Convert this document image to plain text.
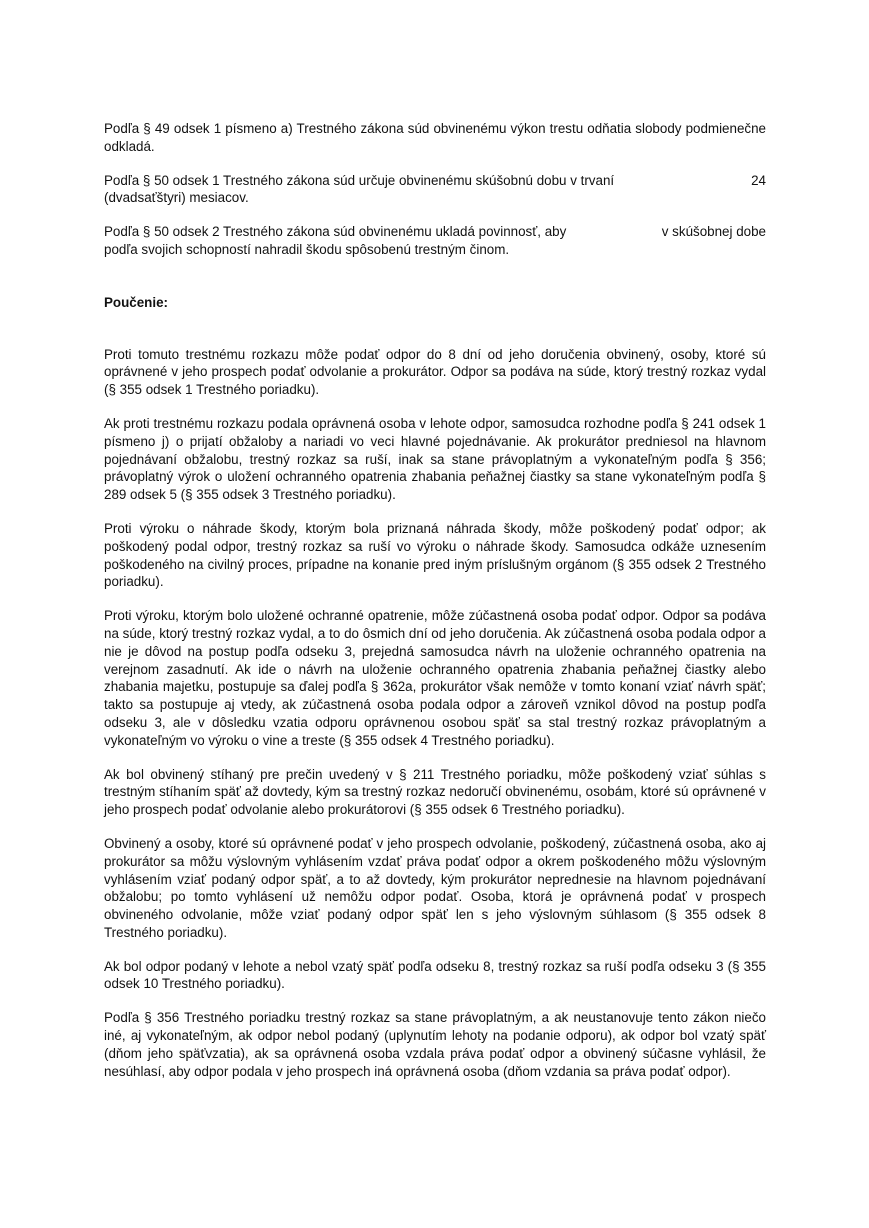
Podľa § 49 odsek 1 písmeno a) Trestného zákona súd obvinenému výkon trestu odňatia slobody podmienečne odkladá.

Podľa § 50 odsek 1 Trestného zákona súd určuje obvinenému skúšobnú dobu v trvaní	24
(dvadsaťštyri) mesiacov.
Podľa § 50 odsek 2 Trestného zákona súd obvinenému ukladá povinnosť, aby	v skúšobnej dobe
podľa svojich schopností nahradil škodu spôsobenú trestným činom.

Poučenie:

Proti tomuto trestnému rozkazu môže podať odpor do 8 dní od jeho doručenia obvinený, osoby, ktoré sú oprávnené v jeho prospech podať odvolanie a prokurátor. Odpor sa podáva na súde, ktorý trestný rozkaz vydal (§ 355 odsek 1 Trestného poriadku).

Ak proti trestnému rozkazu podala oprávnená osoba v lehote odpor, samosudca rozhodne podľa § 241 odsek 1 písmeno j) o prijatí obžaloby a nariadi vo veci hlavné pojednávanie. Ak prokurátor predniesol na hlavnom pojednávaní obžalobu, trestný rozkaz sa ruší, inak sa stane právoplatným a vykonateľným podľa § 356; právoplatný výrok o uložení ochranného opatrenia zhabania peňažnej čiastky sa stane vykonateľným podľa § 289 odsek 5 (§ 355 odsek 3 Trestného poriadku).

Proti výroku o náhrade škody, ktorým bola priznaná náhrada škody, môže poškodený podať odpor; ak poškodený podal odpor, trestný rozkaz sa ruší vo výroku o náhrade škody. Samosudca odkáže uznesením poškodeného na civilný proces, prípadne na konanie pred iným príslušným orgánom (§ 355 odsek 2 Trestného poriadku).

Proti výroku, ktorým bolo uložené ochranné opatrenie, môže zúčastnená osoba podať odpor. Odpor sa podáva na súde, ktorý trestný rozkaz vydal, a to do ôsmich dní od jeho doručenia. Ak zúčastnená osoba podala odpor a nie je dôvod na postup podľa odseku 3, prejedná samosudca návrh na uloženie ochranného opatrenia na verejnom zasadnutí. Ak ide o návrh na uloženie ochranného opatrenia zhabania peňažnej čiastky alebo zhabania majetku, postupuje sa ďalej podľa § 362a, prokurátor však nemôže v tomto konaní vziať návrh späť; takto sa postupuje aj vtedy, ak zúčastnená osoba podala odpor a zároveň vznikol dôvod na postup podľa odseku 3, ale v dôsledku vzatia odporu oprávnenou osobou späť sa stal trestný rozkaz právoplatným a vykonateľným vo výroku o vine a treste (§ 355 odsek 4 Trestného poriadku).

Ak bol obvinený stíhaný pre prečin uvedený v § 211 Trestného poriadku, môže poškodený vziať súhlas s trestným stíhaním späť až dovtedy, kým sa trestný rozkaz nedoručí obvinenému, osobám, ktoré sú oprávnené v jeho prospech podať odvolanie alebo prokurátorovi (§ 355 odsek 6 Trestného poriadku).

Obvinený a osoby, ktoré sú oprávnené podať v jeho prospech odvolanie, poškodený, zúčastnená osoba, ako aj prokurátor sa môžu výslovným vyhlásením vzdať práva podať odpor a okrem poškodeného môžu výslovným vyhlásením vziať podaný odpor späť, a to až dovtedy, kým prokurátor neprednesie na hlavnom pojednávaní obžalobu; po tomto vyhlásení už nemôžu odpor podať. Osoba, ktorá je oprávnená podať v prospech obvineného odvolanie, môže vziať podaný odpor späť len s jeho výslovným súhlasom (§ 355 odsek 8 Trestného poriadku).

Ak bol odpor podaný v lehote a nebol vzatý späť podľa odseku 8, trestný rozkaz sa ruší podľa odseku 3 (§ 355 odsek 10 Trestného poriadku).

Podľa § 356 Trestného poriadku trestný rozkaz sa stane právoplatným, a ak neustanovuje tento zákon niečo iné, aj vykonateľným, ak odpor nebol podaný (uplynutím lehoty na podanie odporu), ak odpor bol vzatý späť (dňom jeho späťvzatia), ak sa oprávnená osoba vzdala práva podať odpor a obvinený súčasne vyhlásil, že nesúhlasí, aby odpor podala v jeho prospech iná oprávnená osoba (dňom vzdania sa práva podať odpor).
